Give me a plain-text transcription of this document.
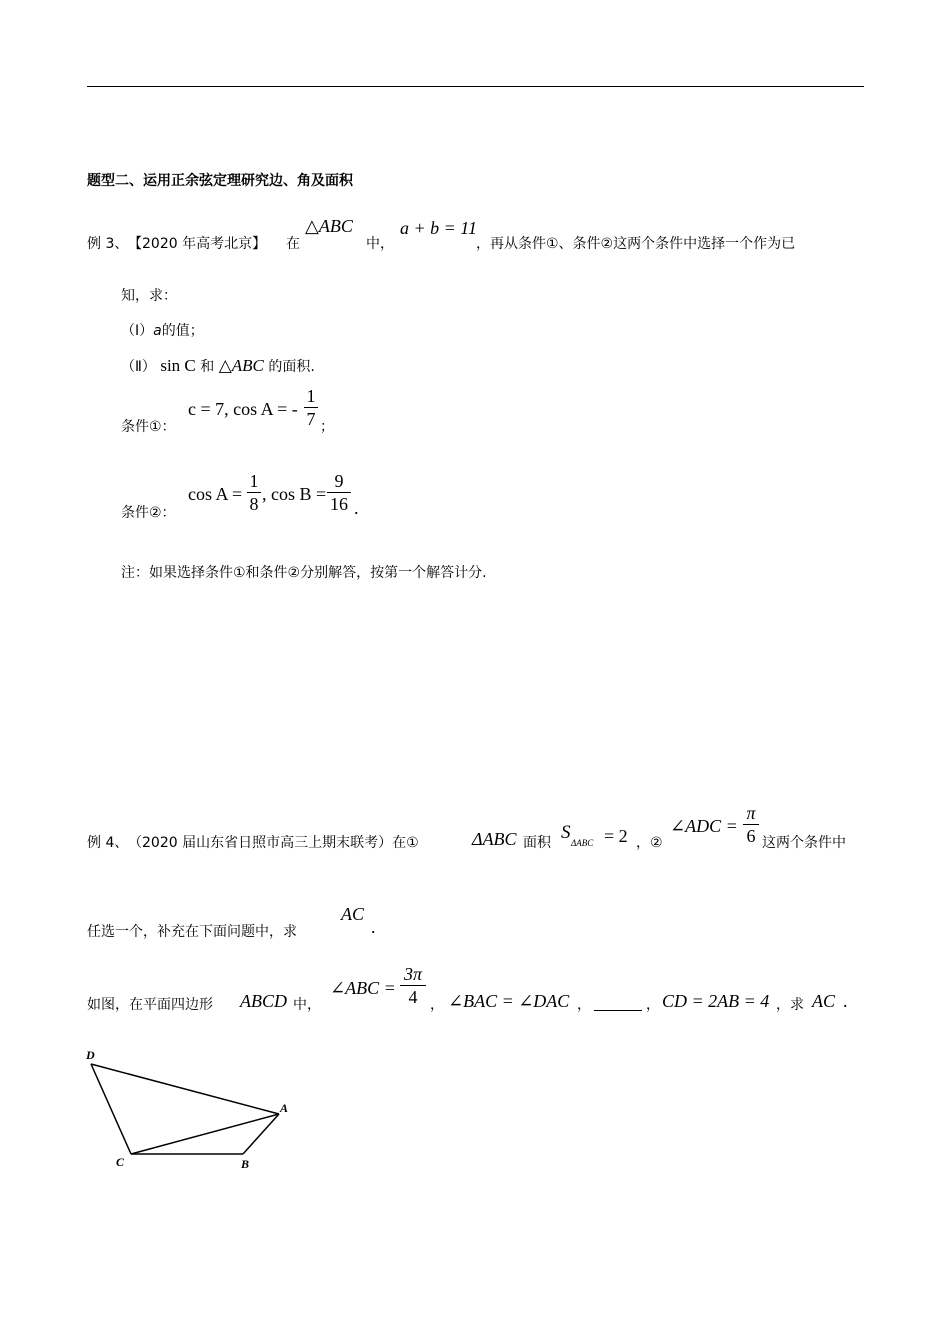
题型二、运用正余弦定理研究边、角及面积
例 3、 【2020 年高考北京】 在
△ABC
中，
a + b = 11
，再从条件①、条件②这两个条件中选择一个作为已
知，求：
（Ⅰ）a的值；
（Ⅱ） sin C 和 △ABC 的面积.
条件①：
c = 7, cos A = -
1
7 ；
条件②：
cos A =
1
8 , cos B =
9
16 .
注：如果选择条件①和条件②分别解答，按第一个解答计分.
例 4、 （2020 届山东省日照市高三上期末联考）在①	ΔABC 面积 S ΔABC = 2 ，②
∠ADC =
π
6 这两个条件中
任选一个，补充在下面问题中，求
AC
.
如图，在平面四边形 ABCD 中，
∠ABC =
3π
4 ， ∠BAC = ∠DAC ，	， CD = 2AB = 4 ，求 AC .
D
A
C	B
